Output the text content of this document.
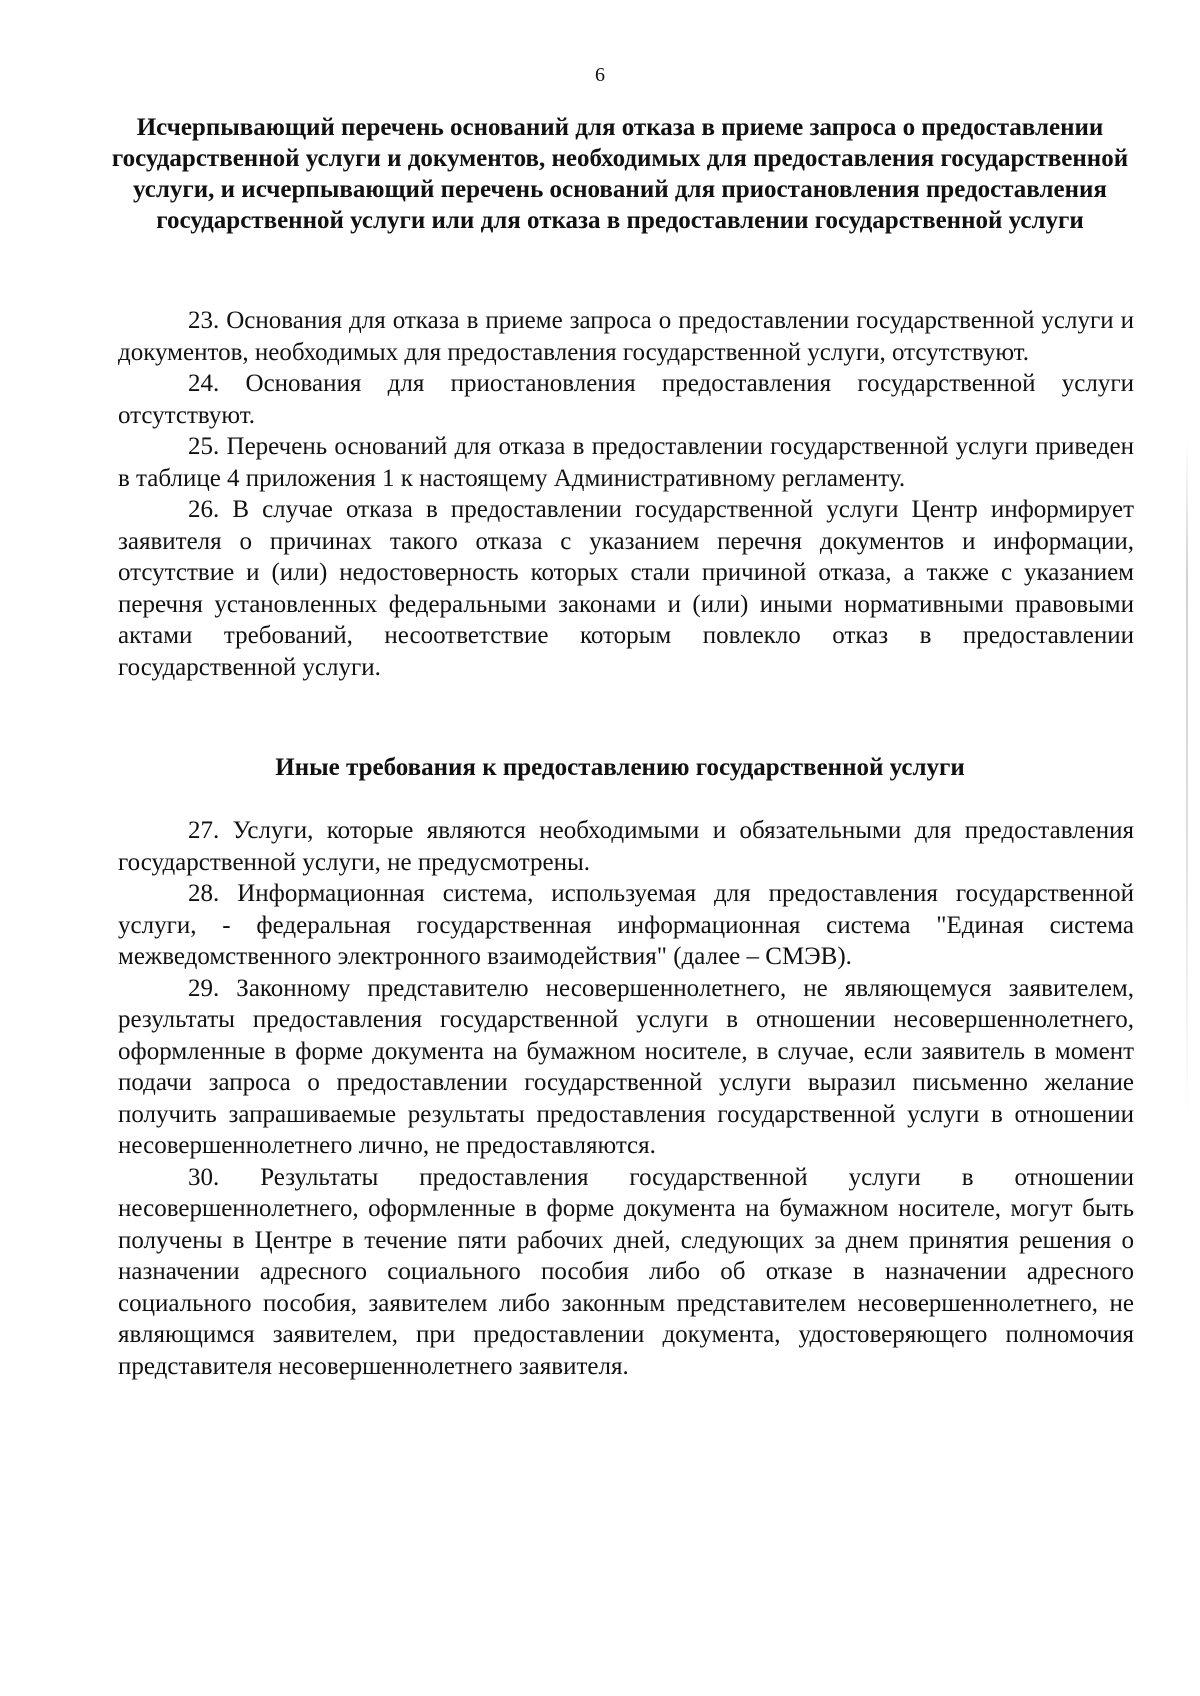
6
Исчерпывающий перечень оснований для отказа в приеме запроса о предоставлении государственной услуги и документов, необходимых для предоставления государственной услуги, и исчерпывающий перечень оснований для приостановления предоставления государственной услуги или для отказа в предоставлении государственной услуги

23. Основания для отказа в приеме запроса о предоставлении государственной услуги и документов, необходимых для предоставления государственной услуги, отсутствуют.

24. Основания для приостановления предоставления государственной услуги отсутствуют.

25. Перечень оснований для отказа в предоставлении государственной услуги приведен в таблице 4 приложения 1 к настоящему Административному регламенту.

26. В случае отказа в предоставлении государственной услуги Центр информирует заявителя о причинах такого отказа с указанием перечня документов и информации, отсутствие и (или) недостоверность которых стали причиной отказа, а также с указанием перечня установленных федеральными законами и (или) иными нормативными правовыми актами требований, несоответствие которым повлекло отказ в предоставлении государственной услуги.

Иные требования к предоставлению государственной услуги

27. Услуги, которые являются необходимыми и обязательными для предоставления государственной услуги, не предусмотрены.

28. Информационная система, используемая для предоставления государственной услуги, - федеральная государственная информационная система "Единая система межведомственного электронного взаимодействия" (далее – СМЭВ).

29. Законному представителю несовершеннолетнего, не являющемуся заявителем, результаты предоставления государственной услуги в отношении несовершеннолетнего, оформленные в форме документа на бумажном носителе, в случае, если заявитель в момент подачи запроса о предоставлении государственной услуги выразил письменно желание получить запрашиваемые результаты предоставления государственной услуги в отношении несовершеннолетнего лично, не предоставляются.

30. Результаты предоставления государственной услуги в отношении несовершеннолетнего, оформленные в форме документа на бумажном носителе, могут быть получены в Центре в течение пяти рабочих дней, следующих за днем принятия решения о назначении адресного социального пособия либо об отказе в назначении адресного социального пособия, заявителем либо законным представителем несовершеннолетнего, не являющимся заявителем, при предоставлении документа, удостоверяющего полномочия представителя несовершеннолетнего заявителя.
